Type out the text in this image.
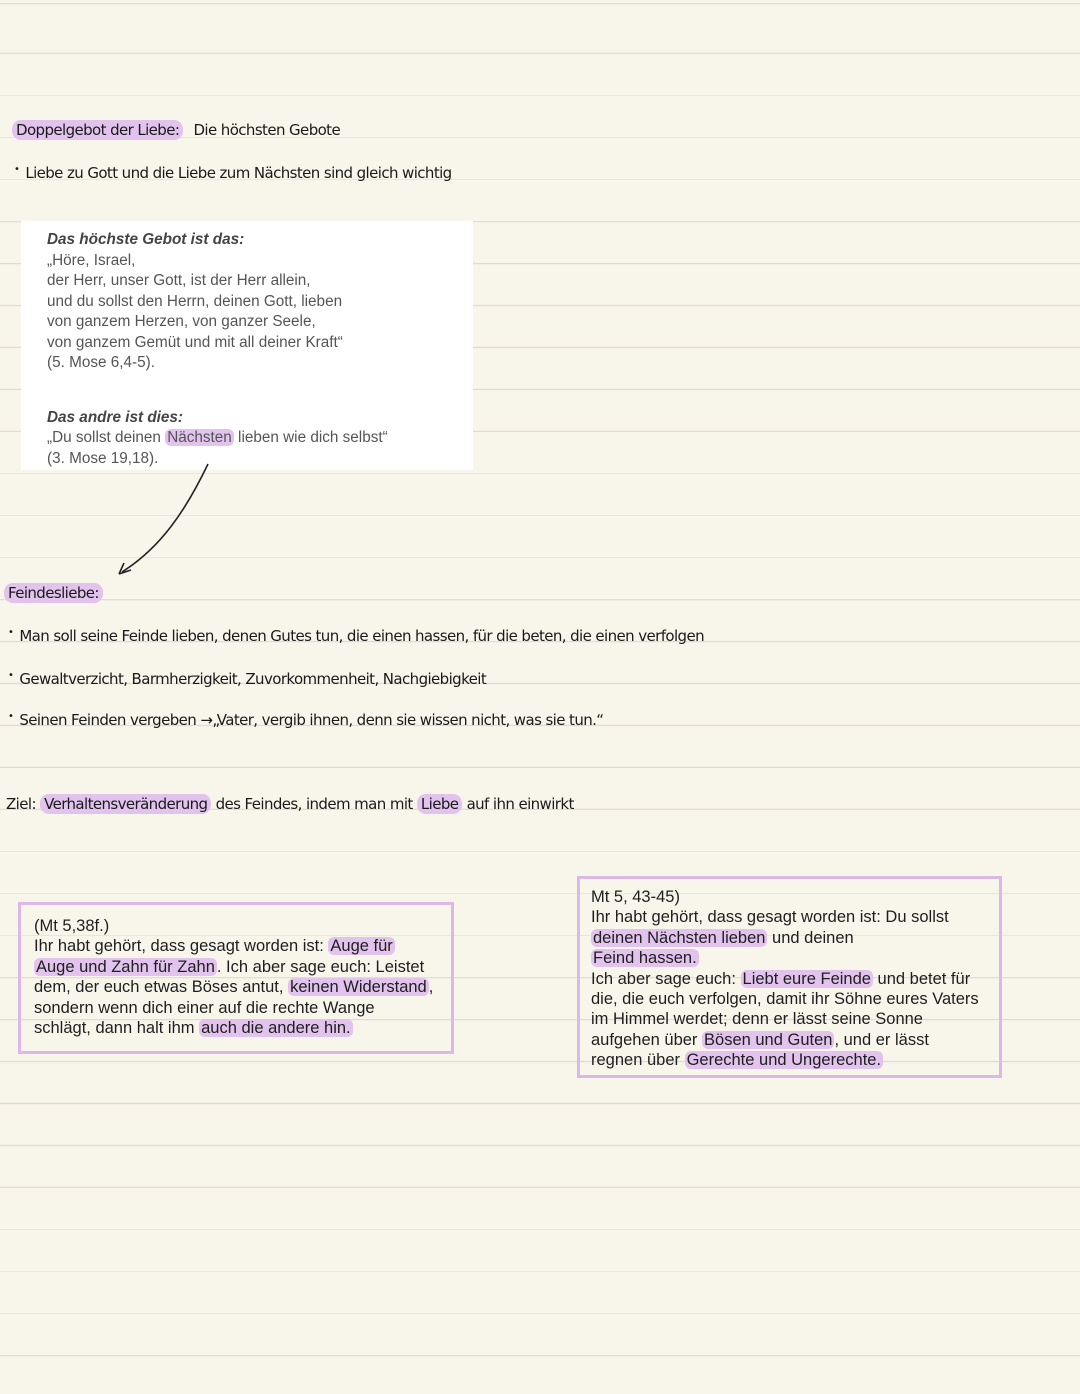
Doppelgebot der Liebe: Die höchsten Gebote
• Liebe zu Gott und die Liebe zum Nächsten sind gleich wichtig
Das höchste Gebot ist das:
„Höre, Israel,
der Herr, unser Gott, ist der Herr allein,
und du sollst den Herrn, deinen Gott, lieben
von ganzem Herzen, von ganzer Seele,
von ganzem Gemüt und mit all deiner Kraft“
(5. Mose 6,4-5).
Das andre ist dies:
„Du sollst deinen Nächsten lieben wie dich selbst“
(3. Mose 19,18).
Feindesliebe:
• Man soll seine Feinde lieben, denen Gutes tun, die einen hassen, für die beten, die einen verfolgen
• Gewaltverzicht, Barmherzigkeit, Zuvorkommenheit, Nachgiebigkeit
• Seinen Feinden vergeben →„Vater, vergib ihnen, denn sie wissen nicht, was sie tun.“
Ziel: Verhaltensveränderung des Feindes, indem man mit Liebe auf ihn einwirkt
(Mt 5,38f.)
Ihr habt gehört, dass gesagt worden ist: Auge für
Auge und Zahn für Zahn . Ich aber sage euch: Leistet
dem, der euch etwas Böses antut, keinen Widerstand ,
sondern wenn dich einer auf die rechte Wange
schlägt, dann halt ihm auch die andere hin.
Mt 5, 43-45)
Ihr habt gehört, dass gesagt worden ist: Du sollst
deinen Nächsten lieben und deinen
Feind hassen.
Ich aber sage euch: Liebt eure Feinde und betet für
die, die euch verfolgen, damit ihr Söhne eures Vaters
im Himmel werdet; denn er lässt seine Sonne
aufgehen über Bösen und Guten , und er lässt
regnen über Gerechte und Ungerechte.
